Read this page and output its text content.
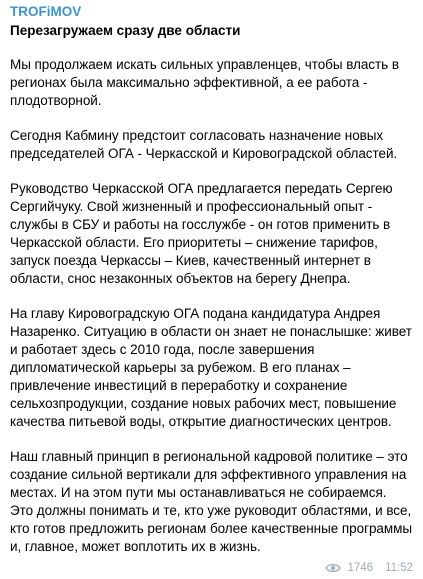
TROFiMOV
Перезагружаем сразу две области
Мы продолжаем искать сильных управленцев, чтобы власть в регионах была максимально эффективной, а ее работа - плодотворной.
Сегодня Кабмину предстоит согласовать назначение новых председателей ОГА - Черкасской и Кировоградской областей.
Руководство Черкасской ОГА предлагается передать Сергею Сергийчуку. Свой жизненный и профессиональный опыт - службы в СБУ и работы на госслужбе - он готов применить в Черкасской области. Его приоритеты – снижение тарифов, запуск поезда Черкассы – Киев, качественный интернет в области, снос незаконных объектов на берегу Днепра.
На главу Кировоградскую ОГА подана кандидатура Андрея Назаренко. Ситуацию в области он знает не понаслышке: живет и работает здесь с 2010 года, после завершения дипломатической карьеры за рубежом. В его планах – привлечение инвестиций в переработку и сохранение сельхозпродукции, создание новых рабочих мест, повышение качества питьевой воды, открытие диагностических центров.
Наш главный принцип в региональной кадровой политике – это создание сильной вертикали для эффективного управления на местах. И на этом пути мы останавливаться не собираемся. Это должны понимать и те, кто уже руководит областями, и все, кто готов предложить регионам более качественные программы и, главное, может воплотить их в жизнь.
1746 11:52
